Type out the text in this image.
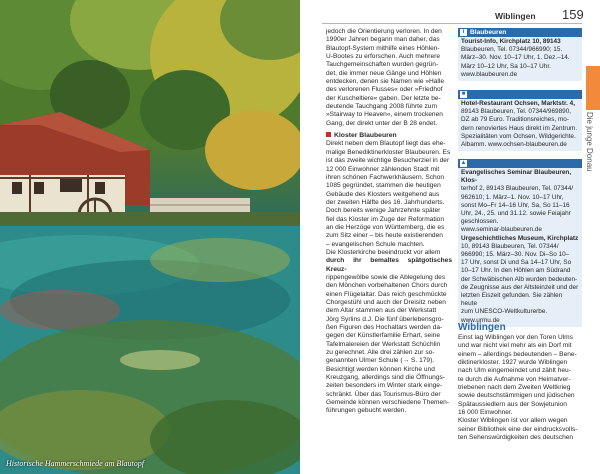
Historische Hammerschmiede am Blautopf
Wiblingen 159
Die junge Donau

jedoch die Orientierung verloren. In den

1990er Jahren begann man daher, das

Blautopf-System mithilfe eines Höhlen-

U-Bootes zu erforschen. Auch mehrere

Tauchgemeinschaften wurden gegrün-

det, die immer neue Gänge und Höhlen

entdecken, denen sie Namen wie »Halle

des verlorenen Flusses« oder »Friedhof

der Kuscheltiere« gaben. Der letzte be-

deutende Tauchgang 2008 führte zum

»Stairway to Heaven«, einem trockenen

Gang, der direkt unter der B 28 endet.

Kloster Blaubeuren

Direkt neben dem Blautopf liegt das ehe-

malige Benediktinerkloster Blaubeuren. Es

ist das zweite wichtige Besucherziel in der

12 000 Einwohner zählenden Stadt mit

ihren schönen Fachwerkhäusern. Schon

1085 gegründet, stammen die heutigen

Gebäude des Klosters weitgehend aus

der zweiten Hälfte des 16. Jahrhunderts.

Doch bereits wenige Jahrzehnte später

fiel das Kloster im Zuge der Reformation

an die Herzöge von Württemberg, die es

zum Sitz einer – bis heute existierenden

– evangelischen Schule machten.

Die Klosterkirche beeindruckt vor allem

durch ihr bemaltes spätgotisches Kreuz-

rippengewölbe sowie die Ablegelung des

den Mönchen vorbehaltenen Chors durch

einen Flügelaltar. Das reich geschmückte

Chorgestühl und auch der Dreisitz neben

dem Altar stammen aus der Werkstatt

Jörg Syrlins d.J. Die fünf überlebensgro-

ßen Figuren des Hochaltars werden da-

gegen der Künstlerfamilie Erhart, seine

Tafelmalereien der Werkstatt Schüchlin

zu gerechnet. Alle drei zählen zur so-

genannten Ulmer Schule (→ S. 179).

Besichtigt werden können Kirche und

Kreuzgang, allerdings sind die Öffnungs-

zeiten besonders im Winter stark einge-

schränkt. Über das Tourismus-Büro der

Gemeinde können verschiedene Themen-

führungen gebucht werden.

i Blaubeuren
Tourist-Info, Kirchplatz 10, 89143
Blaubeuren, Tel. 07344/966990; 15.
März–30. Nov. 10–17 Uhr, 1. Dez.–14.
März 10–12 Uhr, Sa 10–17 Uhr.
www.blaubeuren.de
■
Hotel-Restaurant Ochsen, Marktstr. 4,
89143 Blaubeuren, Tel. 07344/969890,
DZ ab 79 Euro. Traditionsreiches, mo-
dern renoviertes Haus direkt im Zentrum.
Spezialitäten vom Ochsen, Wildgerichte.
Albamm. www.ochsen-blaubeuren.de
▲
Evangelisches Seminar Blaubeuren, Klos-
terhof 2, 89143 Blaubeuren, Tel. 07344/
962610; 1. März–1. Nov. 10–17 Uhr,
sonst Mo–Fr 14–16 Uhr, Sa, So 11–16
Uhr, 24., 25. und 31.12. sowie Feiajahr
geschlossen.
www.seminar-blaubeuren.de
Urgeschichtliches Museum, Kirchplatz
10, 89143 Blaubeuren, Tel. 07344/
966990; 15. März–30. Nov. Di–So 10–
17 Uhr, sonst Di und Sa 14–17 Uhr, So
10–17 Uhr. In den Höhlen am Südrand
der Schwäbischen Alb wurden bedeuten-
de Zeugnisse aus der Altsteinzeit und der
letzten Eiszeit gefunden. Sie zählen heute
zum UNESCO-Weltkulturerbe.
www.urmu.de
Wiblingen

Einst lag Wiblingen vor den Toren Ulms

und war nicht viel mehr als ein Dorf mit

einem – allerdings bedeutenden – Bene-

diktinerkloster. 1927 wurde Wiblingen

nach Ulm eingemeindet und zählt heu-

te durch die Aufnahme von Heimatver-

triebenen nach dem Zweiten Weltkrieg

sowie deutschstämmigen und jüdischen

Spätaussiedlern aus der Sowjetunion

16 000 Einwohner.

Kloster Wiblingen ist vor allem wegen

seiner Bibliothek eine der eindrucksvolls-

ten Sehenswürdigkeiten des deutschen
